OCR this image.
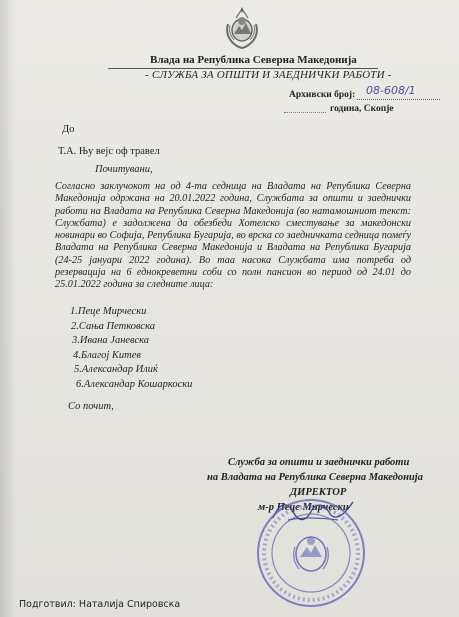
Влада на Република Северна Македонија
- СЛУЖБА ЗА ОПШТИ И ЗАЕДНИЧКИ РАБОТИ -
Архивски број: 08-608/1
година, Скопје
До
Т.А. Њу вејс оф травел
Почитувани,
Согласно заклучокот на од 4-та седница на Владата на Република Северна Македонија одржана на 20.01.2022 година, Службата за општи и заеднички работи на Владата на Република Северна Македонија (во натамошниот текст: Службата) е задолжена да обезбеди Хотелско сместување за македонски новинари во Софија, Република Бугарија, во врска со заедничката седница помеѓу Владата на Република Северна Македонија и Владата на Република Бугарија (24-25 јануари 2022 година). Во таа насока Службата има потреба од резервација на 6 еднокреветни соби со полн пансион во период од 24.01 до 25.01.2022 година за следните лица:
1.Пеце Мирчески
2.Сања Петковска
3.Ивана Јаневска
4.Благој Китев
5.Александар Илиќ
6.Александар Кошаркоски
Со почит,
Служба за општи и заеднички работи
на Владата на Република Северна Македонија
ДИРЕКТОР
м-р Пеце Мирчески
Подготвил: Наталија Спировска
